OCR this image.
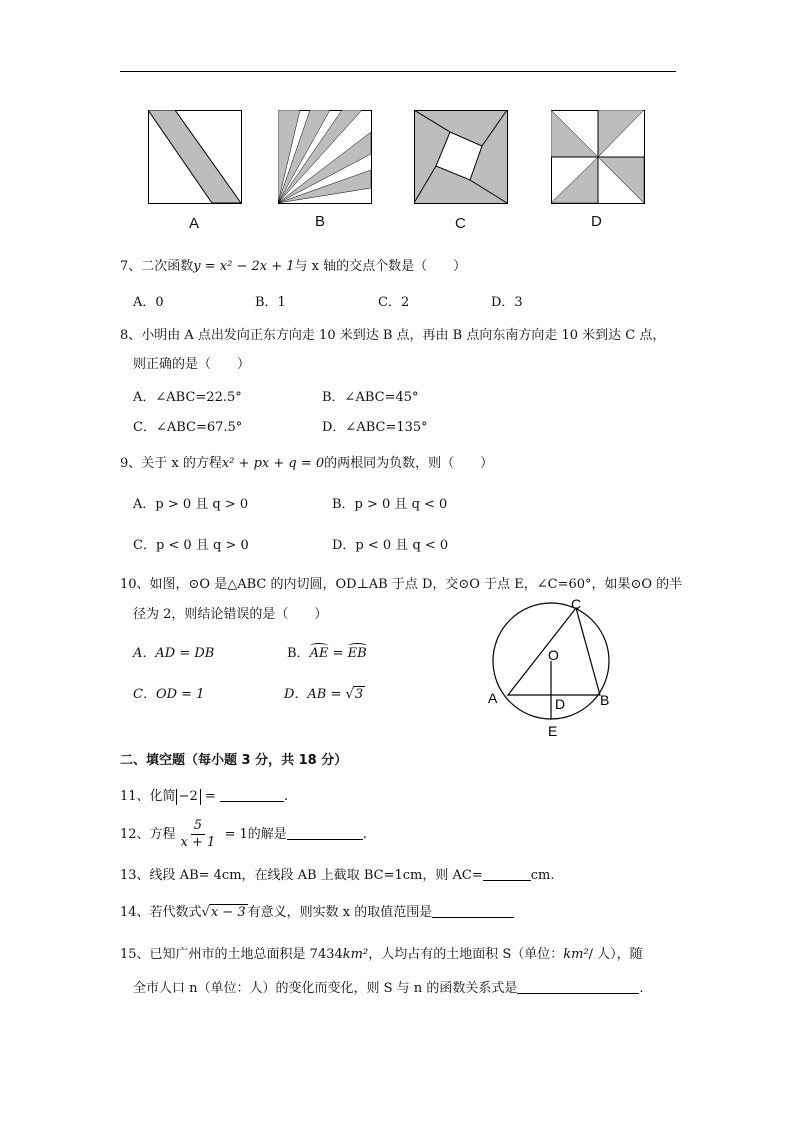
A	B	C	D
7、二次函数y = x² − 2x + 1与 x 轴的交点个数是（　　）
A．0	B．1	C．2	D．3
8、小明由 A 点出发向正东方向走 10 米到达 B 点，再由 B 点向东南方向走 10 米到达 C 点，
则正确的是（　　）
A．∠ABC=22.5°	B．∠ABC=45°
C．∠ABC=67.5°	D．∠ABC=135°
9、关于 x 的方程x² + px + q = 0的两根同为负数，则（　　）
A．p > 0 且 q > 0	B．p > 0 且 q < 0
C．p < 0 且 q > 0	D．p < 0 且 q < 0
10、如图，⊙O 是△ABC 的内切圆，OD⊥AB 于点 D，交⊙O 于点 E，∠C=60°，如果⊙O 的半
径为 2，则结论错误的是（　　）
A．AD = DB	B．AE = EB
C．OD = 1	D．AB = √3	A	B
C
O
D
E
二、填空题（每小题 3 分，共 18 分）
11、化简 −2 =	.
12、方程 $\frac{5}{x + 1} = 1$的解是	.
13、线段 AB= 4cm，在线段 AB 上截取 BC=1cm，则 AC=	cm.
14、若代数式√x − 3 有意义，则实数 x 的取值范围是
15、已知广州市的土地总面积是 7434km²，人均占有的土地面积 S（单位：km²/ 人），随
全市人口 n（单位：人）的变化而变化，则 S 与 n 的函数关系式是	.
